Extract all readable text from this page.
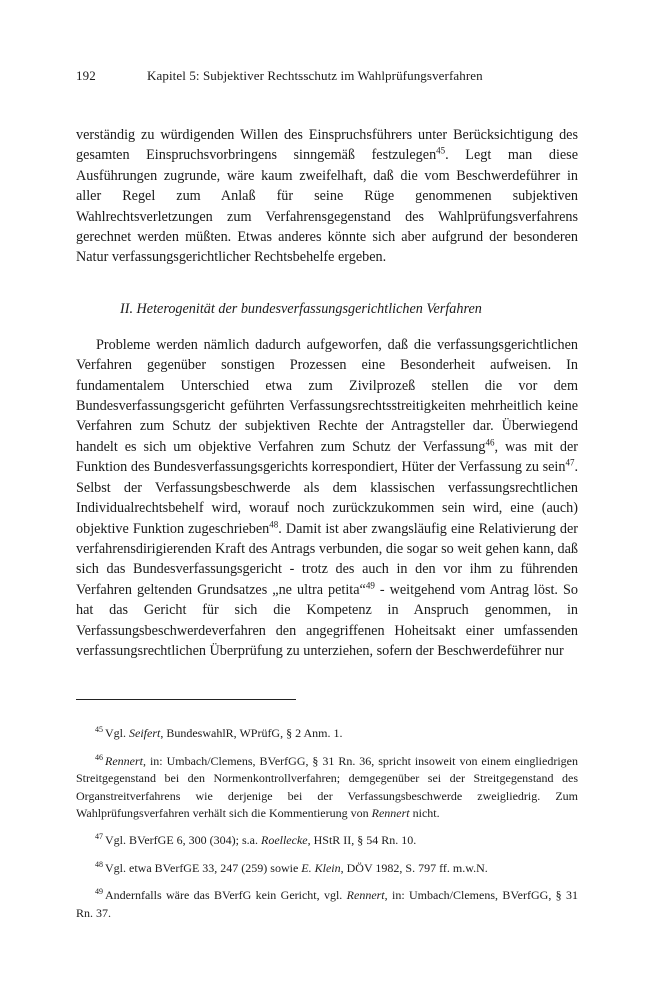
192	Kapitel 5: Subjektiver Rechtsschutz im Wahlprüfungsverfahren

verständig zu würdigenden Willen des Einspruchsführers unter Berücksichtigung des gesamten Einspruchsvorbringens sinngemäß festzulegen$^{45}$. Legt man diese Ausführungen zugrunde, wäre kaum zweifelhaft, daß die vom Beschwerdeführer in aller Regel zum Anlaß für seine Rüge genommenen subjektiven Wahlrechtsverletzungen zum Verfahrensgegenstand des Wahlprüfungsverfahrens gerechnet werden müßten. Etwas anderes könnte sich aber aufgrund der besonderen Natur verfassungsgerichtlicher Rechtsbehelfe ergeben.

II. Heterogenität der bundesverfassungsgerichtlichen Verfahren

Probleme werden nämlich dadurch aufgeworfen, daß die verfassungsgerichtlichen Verfahren gegenüber sonstigen Prozessen eine Besonderheit aufweisen. In fundamentalem Unterschied etwa zum Zivilprozeß stellen die vor dem Bundesverfassungsgericht geführten Verfassungsrechtsstreitigkeiten mehrheitlich keine Verfahren zum Schutz der subjektiven Rechte der Antragsteller dar. Überwiegend handelt es sich um objektive Verfahren zum Schutz der Verfassung$^{46}$, was mit der Funktion des Bundesverfassungsgerichts korrespondiert, Hüter der Verfassung zu sein$^{47}$. Selbst der Verfassungsbeschwerde als dem klassischen verfassungsrechtlichen Individualrechtsbehelf wird, worauf noch zurückzukommen sein wird, eine (auch) objektive Funktion zugeschrieben$^{48}$. Damit ist aber zwangsläufig eine Relativierung der verfahrensdirigierenden Kraft des Antrags verbunden, die sogar so weit gehen kann, daß sich das Bundesverfassungsgericht - trotz des auch in den vor ihm zu führenden Verfahren geltenden Grundsatzes „ne ultra petita“$^{49}$ - weitgehend vom Antrag löst. So hat das Gericht für sich die Kompetenz in Anspruch genommen, in Verfassungsbeschwerdeverfahren den angegriffenen Hoheitsakt einer umfassenden verfassungsrechtlichen Überprüfung zu unterziehen, sofern der Beschwerdeführer nur

$^{45}$ Vgl. Seifert, BundeswahlR, WPrüfG, § 2 Anm. 1.

$^{46}$ Rennert, in: Umbach/Clemens, BVerfGG, § 31 Rn. 36, spricht insoweit von einem eingliedrigen Streitgegenstand bei den Normenkontrollverfahren; demgegenüber sei der Streitgegenstand des Organstreitverfahrens wie derjenige bei der Verfassungsbeschwerde zweigliedrig. Zum Wahlprüfungsverfahren verhält sich die Kommentierung von Rennert nicht.

$^{47}$ Vgl. BVerfGE 6, 300 (304); s.a. Roellecke, HStR II, § 54 Rn. 10.

$^{48}$ Vgl. etwa BVerfGE 33, 247 (259) sowie E. Klein, DÖV 1982, S. 797 ff. m.w.N.

$^{49}$ Andernfalls wäre das BVerfG kein Gericht, vgl. Rennert, in: Umbach/Clemens, BVerfGG, § 31 Rn. 37.
